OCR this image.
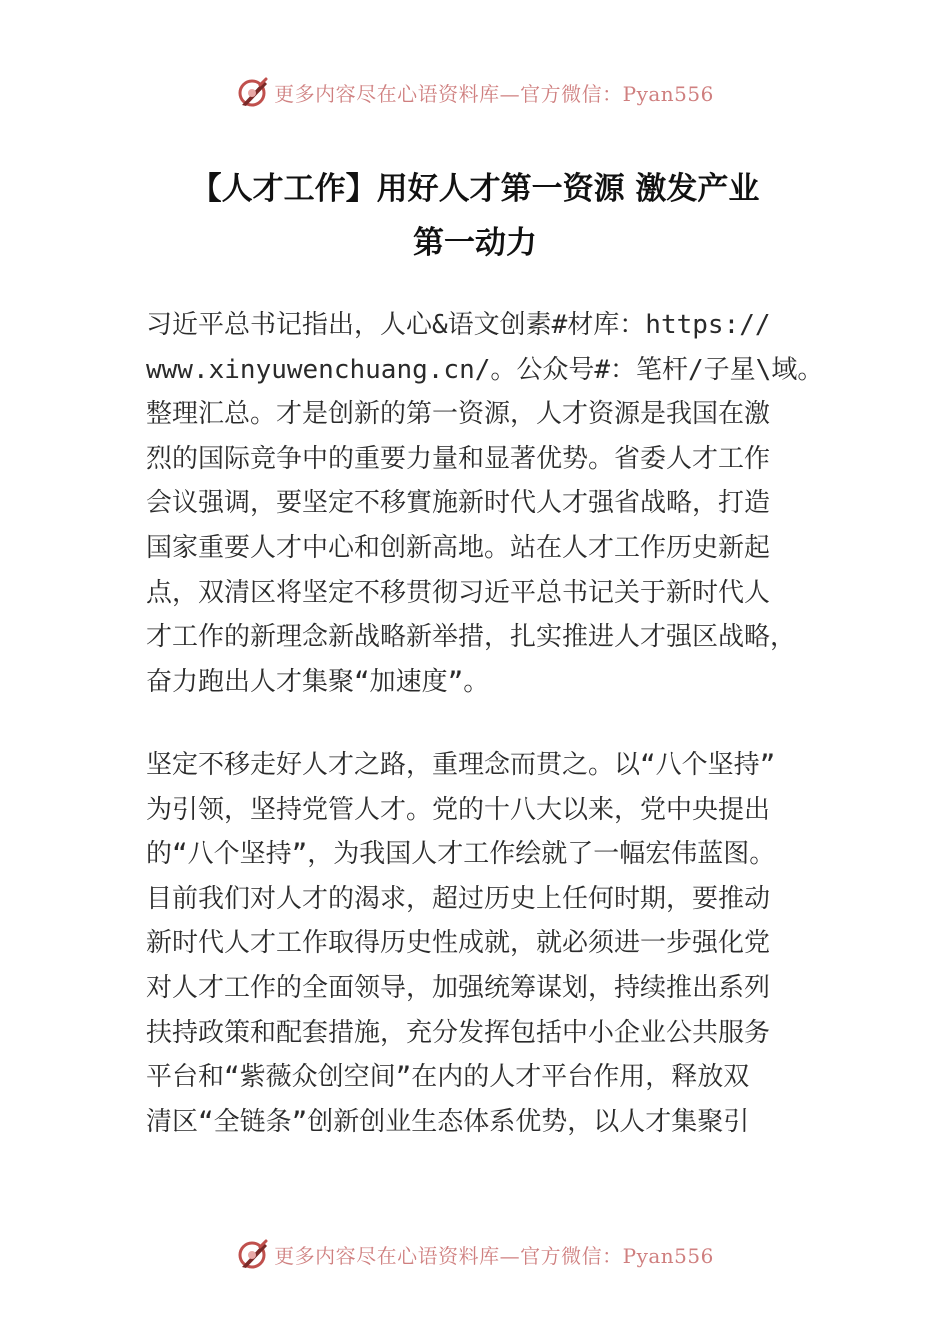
更多内容尽在心语资料库—官方微信：Pyan556
【人才工作】用好人才第一资源 激发产业
第一动力
习近平总书记指出，人心&语文创素#材库：https://
www.xinyuwenchuang.cn/。公众号#：笔杆/子星\域。
整理汇总。才是创新的第一资源，人才资源是我国在激
烈的国际竞争中的重要力量和显著优势。省委人才工作
会议强调，要坚定不移實施新时代人才强省战略，打造
国家重要人才中心和创新高地。站在人才工作历史新起
点，双清区将坚定不移贯彻习近平总书记关于新时代人
才工作的新理念新战略新举措，扎实推进人才强区战略，
奋力跑出人才集聚“加速度”。
坚定不移走好人才之路，重理念而贯之。以“八个坚持”
为引领，坚持党管人才。党的十八大以来，党中央提出
的“八个坚持”，为我国人才工作绘就了一幅宏伟蓝图。
目前我们对人才的渴求，超过历史上任何时期，要推动
新时代人才工作取得历史性成就，就必须进一步强化党
对人才工作的全面领导，加强统筹谋划，持续推出系列
扶持政策和配套措施，充分发挥包括中小企业公共服务
平台和“紫薇众创空间”在内的人才平台作用，释放双
清区“全链条”创新创业生态体系优势，以人才集聚引
更多内容尽在心语资料库—官方微信：Pyan556
